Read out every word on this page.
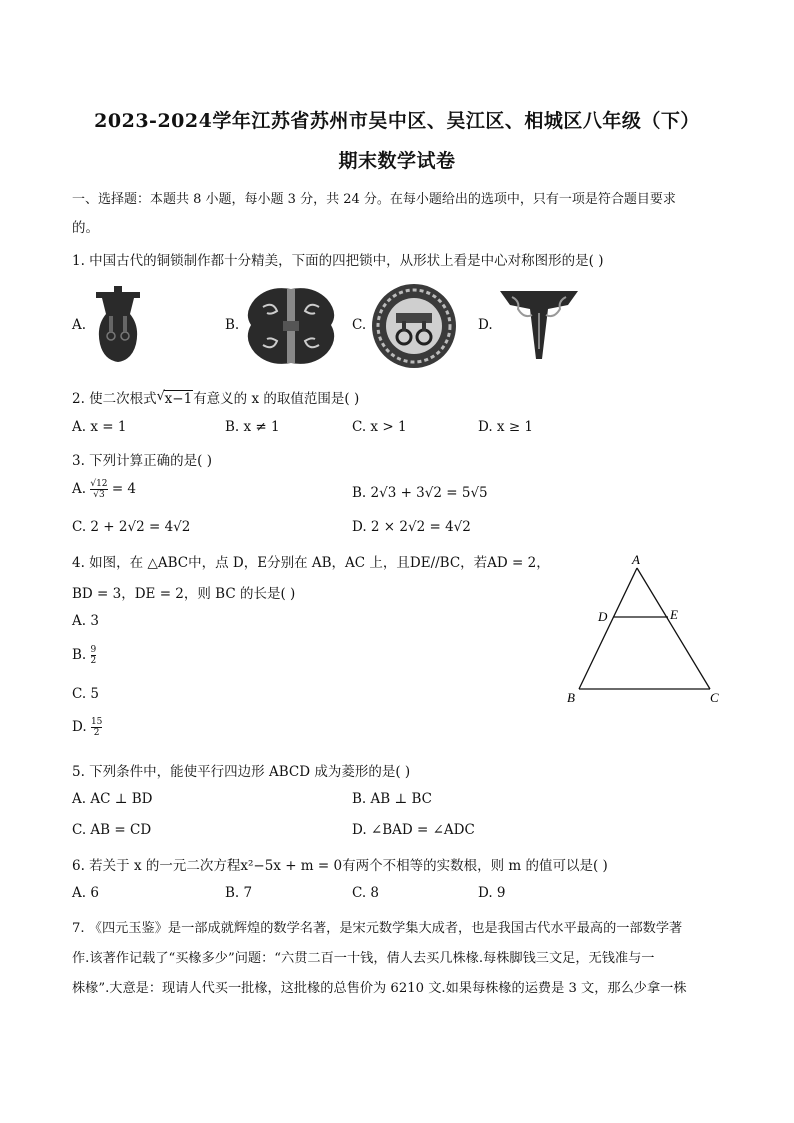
2023-2024学年江苏省苏州市吴中区、吴江区、相城区八年级（下）
期末数学试卷
一、选择题：本题共 8 小题，每小题 3 分，共 24 分。在每小题给出的选项中，只有一项是符合题目要求
的。
1. 中国古代的铜锁制作都十分精美，下面的四把锁中，从形状上看是中心对称图形的是( )
A.	B.	C.	D.
2. 使二次根式 √ x−1有意义的 x 的取值范围是( )
A. x = 1	B. x ≠ 1	C. x > 1	D. x ≥ 1
3. 下列计算正确的是( )
A. $\frac{√12}{√3} = 4$	B. 2√3 + 3√2 = 5√5
C. 2 + 2√2 = 4√2	D. 2 × 2√2 = 4√2
4. 如图，在 △ABC中，点 D，E分别在 AB，AC 上，且DE//BC，若AD = 2，
BD = 3，DE = 2，则 BC 的长是( )
A. 3
B. $\frac{9}{2}$
C. 5
D. $\frac{15}{2}$
A
D	E
B	C
5. 下列条件中，能使平行四边形 ABCD 成为菱形的是( )
A. AC ⊥ BD	B. AB ⊥ BC
C. AB = CD	D. ∠BAD = ∠ADC
6. 若关于 x 的一元二次方程x²−5x + m = 0有两个不相等的实数根，则 m 的值可以是( )
A. 6	B. 7	C. 8	D. 9
7. 《四元玉鉴》是一部成就辉煌的数学名著，是宋元数学集大成者，也是我国古代水平最高的一部数学著
作.该著作记载了“买椽多少”问题：“六贯二百一十钱，倩人去买几株椽.每株脚钱三文足，无钱准与一
株椽”.大意是：现请人代买一批椽，这批椽的总售价为 6210 文.如果每株椽的运费是 3 文，那么少拿一株
